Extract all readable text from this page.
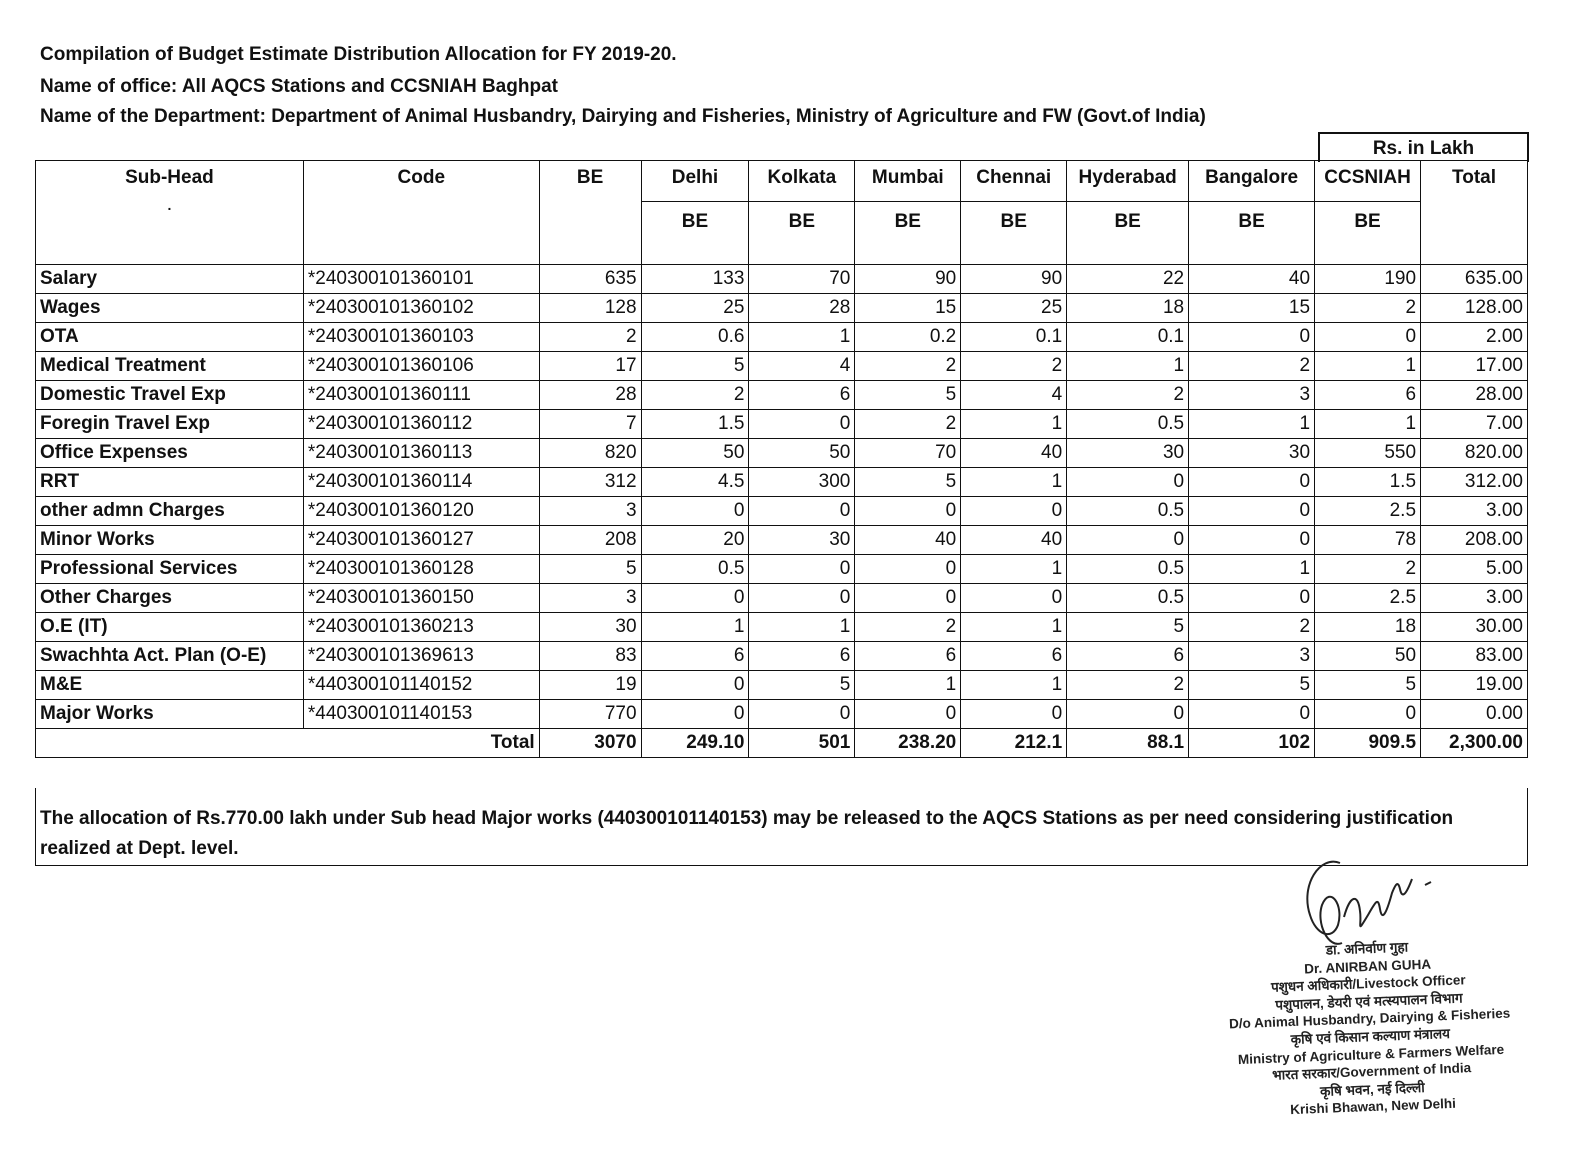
Compilation of Budget Estimate Distribution Allocation for FY 2019-20.
Name of office: All AQCS Stations and CCSNIAH Baghpat
Name of the Department: Department of Animal Husbandry, Dairying and Fisheries, Ministry of Agriculture and FW (Govt.of India)
Rs. in Lakh
Sub-Head
.	Code	BE	Delhi	Kolkata	Mumbai	Chennai	Hyderabad	Bangalore	CCSNIAH	Total
			BE	BE	BE	BE	BE	BE	BE	
Salary	*240300101360101	635	133	70	90	90	22	40	190	635.00
Wages	*240300101360102	128	25	28	15	25	18	15	2	128.00
OTA	*240300101360103	2	0.6	1	0.2	0.1	0.1	0	0	2.00
Medical Treatment	*240300101360106	17	5	4	2	2	1	2	1	17.00
Domestic Travel Exp	*240300101360111	28	2	6	5	4	2	3	6	28.00
Foregin Travel Exp	*240300101360112	7	1.5	0	2	1	0.5	1	1	7.00
Office Expenses	*240300101360113	820	50	50	70	40	30	30	550	820.00
RRT	*240300101360114	312	4.5	300	5	1	0	0	1.5	312.00
other admn Charges	*240300101360120	3	0	0	0	0	0.5	0	2.5	3.00
Minor Works	*240300101360127	208	20	30	40	40	0	0	78	208.00
Professional Services	*240300101360128	5	0.5	0	0	1	0.5	1	2	5.00
Other Charges	*240300101360150	3	0	0	0	0	0.5	0	2.5	3.00
O.E (IT)	*240300101360213	30	1	1	2	1	5	2	18	30.00
Swachhta Act. Plan (O-E)	*240300101369613	83	6	6	6	6	6	3	50	83.00
M&E	*440300101140152	19	0	5	1	1	2	5	5	19.00
Major Works	*440300101140153	770	0	0	0	0	0	0	0	0.00
Total		3070	249.10	501	238.20	212.1	88.1	102	909.5	2,300.00
The allocation of Rs.770.00 lakh under Sub head Major works (440300101140153) may be released to the AQCS Stations as per need considering justification realized at Dept. level.
डा. अनिर्वाण गुहा
Dr. ANIRBAN GUHA
पशुधन अधिकारी/Livestock Officer
पशुपालन, डेयरी एवं मत्स्यपालन विभाग
D/o Animal Husbandry, Dairying & Fisheries
कृषि एवं किसान कल्याण मंत्रालय
Ministry of Agriculture & Farmers Welfare
भारत सरकार/Government of India
कृषि भवन, नई दिल्ली
Krishi Bhawan, New Delhi
